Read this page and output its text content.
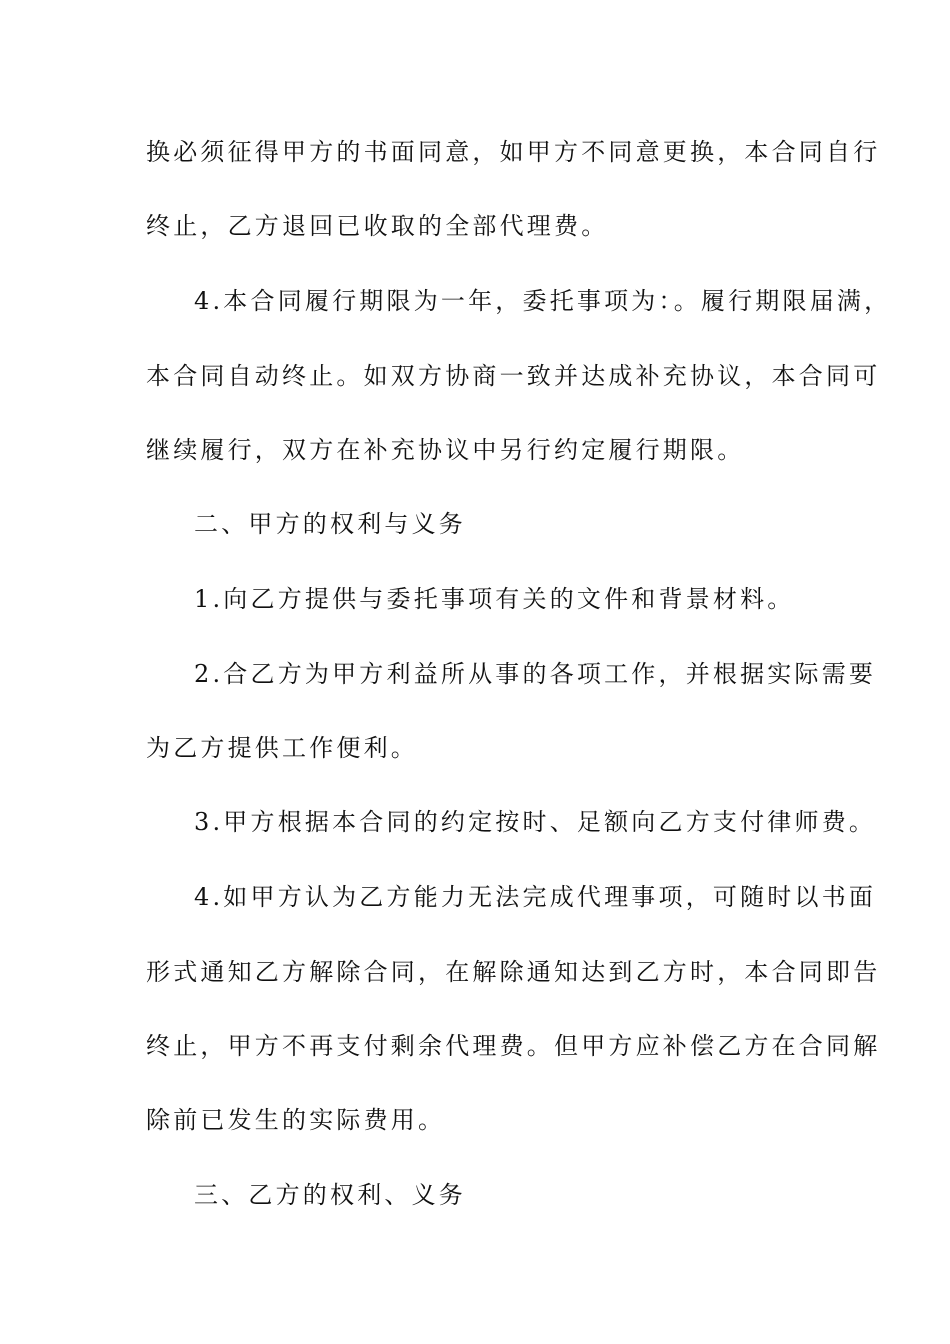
换必须征得甲方的书面同意，如甲方不同意更换，本合同自行
终止，乙方退回已收取的全部代理费。
4.本合同履行期限为一年，委托事项为：。履行期限届满，
本合同自动终止。如双方协商一致并达成补充协议，本合同可
继续履行，双方在补充协议中另行约定履行期限。
二、甲方的权利与义务
1.向乙方提供与委托事项有关的文件和背景材料。
2.合乙方为甲方利益所从事的各项工作，并根据实际需要
为乙方提供工作便利。
3.甲方根据本合同的约定按时、足额向乙方支付律师费。
4.如甲方认为乙方能力无法完成代理事项，可随时以书面
形式通知乙方解除合同，在解除通知达到乙方时，本合同即告
终止，甲方不再支付剩余代理费。但甲方应补偿乙方在合同解
除前已发生的实际费用。
三、乙方的权利、义务
